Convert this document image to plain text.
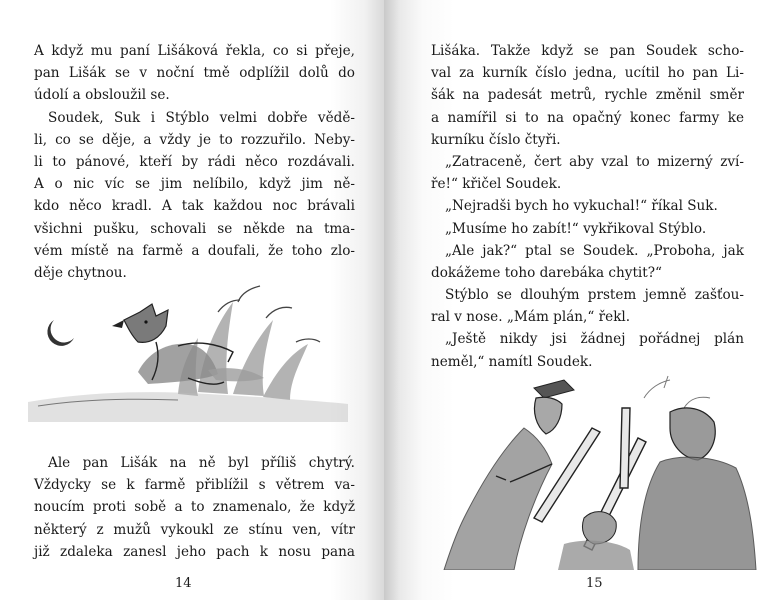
A když mu paní Lišáková řekla, co si přeje,
pan Lišák se v noční tmě odplížil dolů do
údolí a obsloužil se.
Soudek, Suk i Stýblo velmi dobře vědě-
li, co se děje, a vždy je to rozzuřilo. Neby-
li to pánové, kteří by rádi něco rozdávali.
A o nic víc se jim nelíbilo, když jim ně-
kdo něco kradl. A tak každou noc brávali
všichni pušku, schovali se někde na tma-
vém místě na farmě a doufali, že toho zlo-
děje chytnou.
Ale pan Lišák na ně byl příliš chytrý.
Vždycky se k farmě přiblížil s větrem va-
noucím proti sobě a to znamenalo, že když
některý z mužů vykoukl ze stínu ven, vítr
již zdaleka zanesl jeho pach k nosu pana
14
Lišáka. Takže když se pan Soudek scho-
val za kurník číslo jedna, ucítil ho pan Li-
šák na padesát metrů, rychle změnil směr
a namířil si to na opačný konec farmy ke
kurníku číslo čtyři.
„Zatraceně, čert aby vzal to mizerný zví-
ře!“ křičel Soudek.
„Nejradši bych ho vykuchal!“ říkal Suk.
„Musíme ho zabít!“ vykřikoval Stýblo.
„Ale jak?“ ptal se Soudek. „Proboha, jak
dokážeme toho darebáka chytit?“
Stýblo se dlouhým prstem jemně zašťou-
ral v nose. „Mám plán,“ řekl.
„Ještě nikdy jsi žádnej pořádnej plán
neměl,“ namítl Soudek.
15
